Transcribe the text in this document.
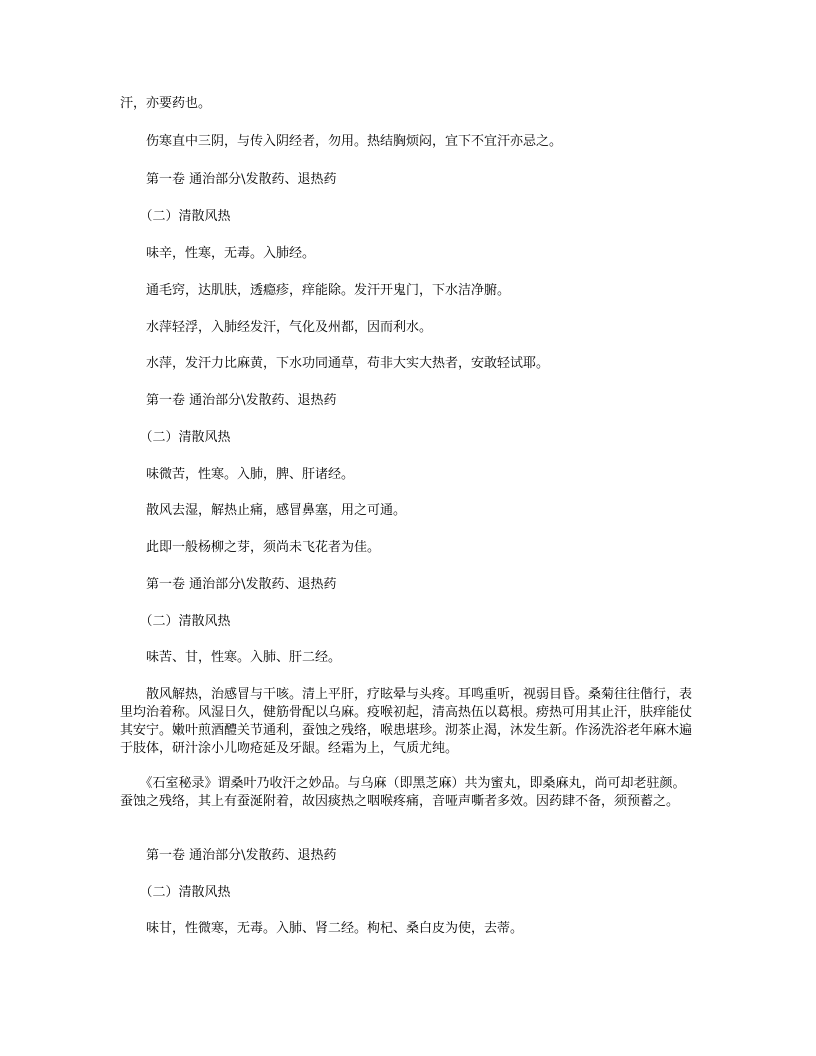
汗，亦要药也。

　　伤寒直中三阴，与传入阴经者，勿用。热结胸烦闷，宜下不宜汗亦忌之。

　　第一卷 通治部分\发散药、退热药

　　（二）清散风热

　　味辛，性寒，无毒。入肺经。

　　通毛窍，达肌肤，透瘾疹，痒能除。发汗开鬼门，下水洁净腑。

　　水萍轻浮，入肺经发汗，气化及州都，因而利水。

　　水萍，发汗力比麻黄，下水功同通草，苟非大实大热者，安敢轻试耶。

　　第一卷 通治部分\发散药、退热药

　　（二）清散风热

　　味微苦，性寒。入肺，脾、肝诸经。

　　散风去湿，解热止痛，感冒鼻塞，用之可通。

　　此即一般杨柳之芽，须尚未飞花者为佳。

　　第一卷 通治部分\发散药、退热药

　　（二）清散风热

　　味苦、甘，性寒。入肺、肝二经。

　　散风解热，治感冒与干咳。清上平肝，疗眩晕与头疼。耳鸣重听，视弱目昏。桑菊往往偕行，表里均治着称。风湿日久，健筋骨配以乌麻。疫喉初起，清高热伍以葛根。痨热可用其止汗，肤痒能仗其安宁。嫩叶煎酒醴关节通利，蚕蚀之残络，喉患堪珍。沏茶止渴，沐发生新。作汤洗浴老年麻木遍于肢体，研汁涂小儿吻疮延及牙龈。经霜为上，气质尤纯。

　　《石室秘录》谓桑叶乃收汗之妙品。与乌麻（即黑芝麻）共为蜜丸，即桑麻丸，尚可却老驻颜。蚕蚀之残络，其上有蚕涎附着，故因痰热之咽喉疼痛，音哑声嘶者多效。因药肆不备，须预蓄之。

　　第一卷 通治部分\发散药、退热药

　　（二）清散风热

　　味甘，性微寒，无毒。入肺、肾二经。枸杞、桑白皮为使，去蒂。
